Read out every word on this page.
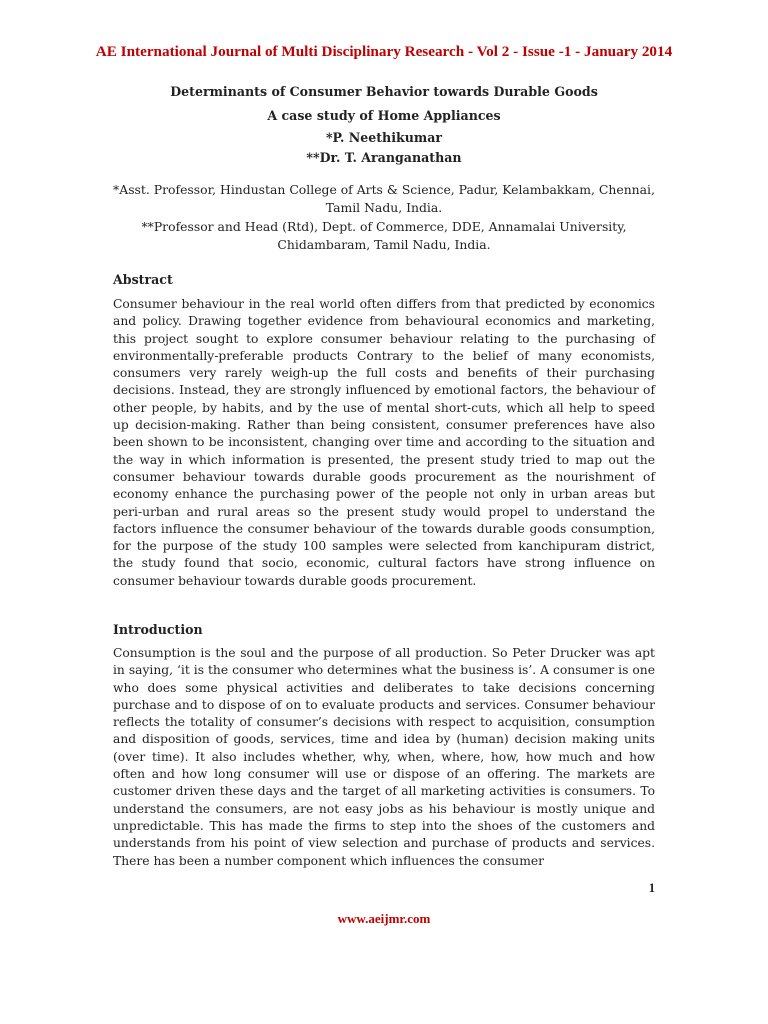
AE International Journal of Multi Disciplinary Research - Vol 2 - Issue -1 - January 2014
Determinants of Consumer Behavior towards Durable Goods
A case study of Home Appliances
*P. Neethikumar
**Dr. T. Aranganathan

*Asst. Professor, Hindustan College of Arts & Science, Padur, Kelambakkam, Chennai, Tamil Nadu, India.

**Professor and Head (Rtd), Dept. of Commerce, DDE, Annamalai University, Chidambaram, Tamil Nadu, India.

Abstract

Consumer behaviour in the real world often differs from that predicted by economics and policy. Drawing together evidence from behavioural economics and marketing, this project sought to explore consumer behaviour relating to the purchasing of environmentally-preferable products Contrary to the belief of many economists, consumers very rarely weigh-up the full costs and benefits of their purchasing decisions. Instead, they are strongly influenced by emotional factors, the behaviour of other people, by habits, and by the use of mental short-cuts, which all help to speed up decision-making. Rather than being consistent, consumer preferences have also been shown to be inconsistent, changing over time and according to the situation and the way in which information is presented, the present study tried to map out the consumer behaviour towards durable goods procurement as the nourishment of economy enhance the purchasing power of the people not only in urban areas but peri-urban and rural areas so the present study would propel to understand the factors influence the consumer behaviour of the towards durable goods consumption, for the purpose of the study 100 samples were selected from kanchipuram district, the study found that socio, economic, cultural factors have strong influence on consumer behaviour towards durable goods procurement.

Introduction

Consumption is the soul and the purpose of all production. So Peter Drucker was apt in saying, ‘it is the consumer who determines what the business is’. A consumer is one who does some physical activities and deliberates to take decisions concerning purchase and to dispose of on to evaluate products and services. Consumer behaviour reflects the totality of consumer’s decisions with respect to acquisition, consumption and disposition of goods, services, time and idea by (human) decision making units (over time). It also includes whether, why, when, where, how, how much and how often and how long consumer will use or dispose of an offering. The markets are customer driven these days and the target of all marketing activities is consumers. To understand the consumers, are not easy jobs as his behaviour is mostly unique and unpredictable. This has made the firms to step into the shoes of the customers and understands from his point of view selection and purchase of products and services. There has been a number component which influences the consumer

1
www.aeijmr.com
